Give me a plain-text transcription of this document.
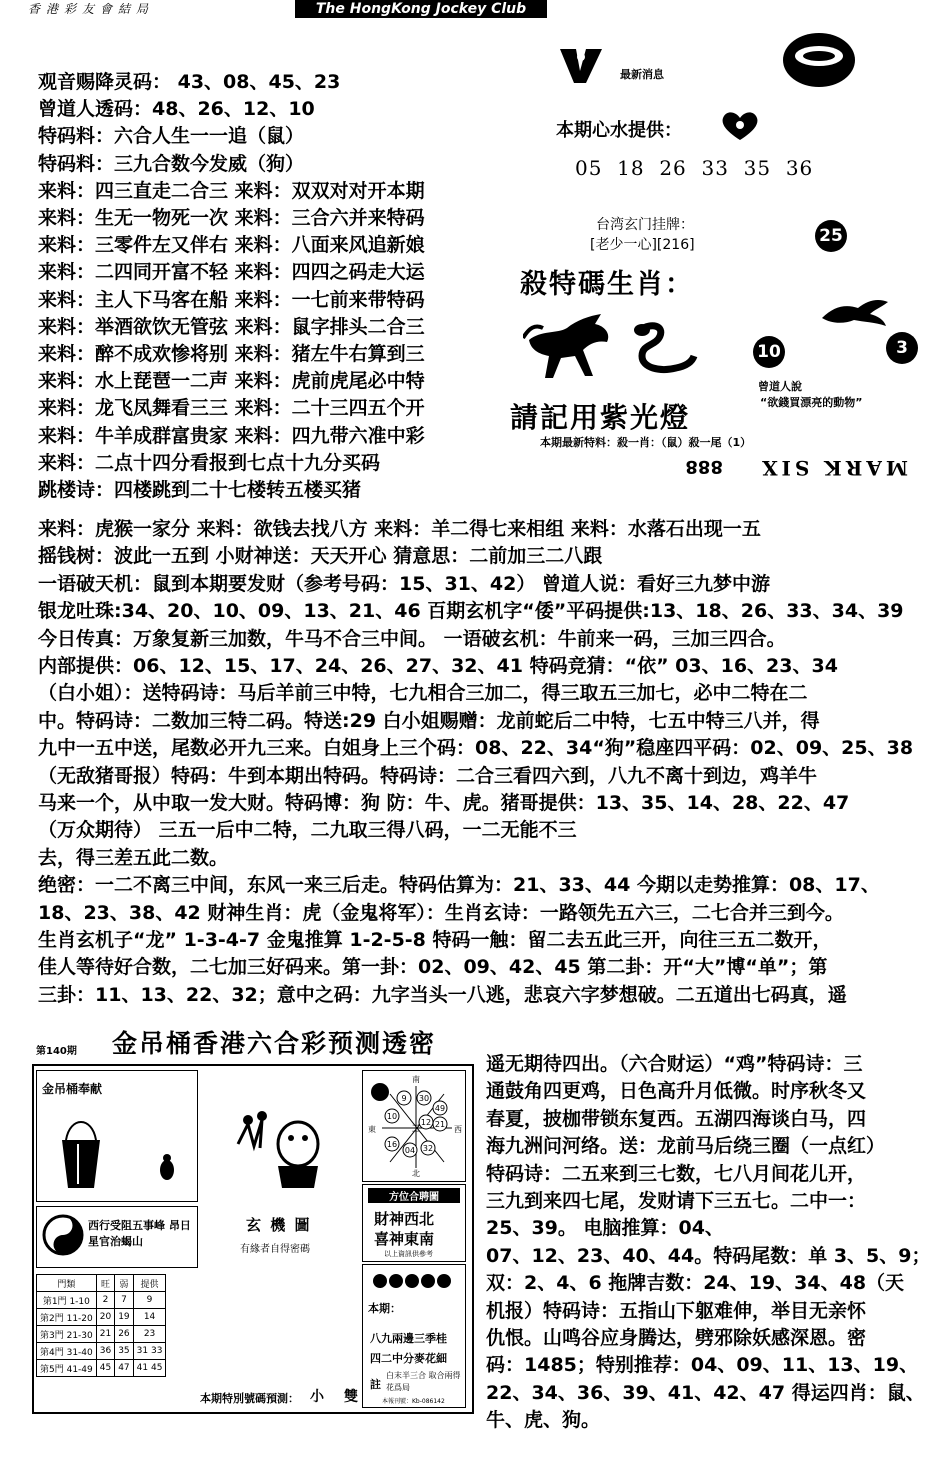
香港彩友會結局	The HongKong Jockey Club
观音赐降灵码： 43、08、45、23
曾道人透码：48、26、12、10
特码料：六合人生一一追（鼠）
特码料：三九合数今发威（狗）
来料：四三直走二合三 来料：双双对对开本期
来料：生无一物死一次 来料：三合六并来特码
来料：三零件左又伴右 来料：八面来风追新娘
来料：二四同开富不轻 来料：四四之码走大运
来料：主人下马客在船 来料：一七前来带特码
来料：举酒欲饮无管弦 来料：鼠字排头二合三
来料：醉不成欢惨将别 来料：猪左牛右算到三
来料：水上琵琶一二声 来料：虎前虎尾必中特
来料：龙飞凤舞看三三 来料：二十三四五个开
来料：牛羊成群富贵家 来料：四九带六准中彩
来料：二点十四分看报到七点十九分买码
跳楼诗：四楼跳到二十七楼转五楼买猪
最新消息
本期心水提供：
05  18  26  33  35  36
台湾玄门挂牌：
[老少一心][216]	25
殺特碼生肖：
10	3
曾道人說
“欲錢買漂亮的動物”
請記用紫光燈
本期最新特料：殺一肖：（鼠）殺一尾（1）
MARK SIX 888
来料：虎猴一家分 来料：欲钱去找八方 来料：羊二得七来相组 来料：水落石出现一五
摇钱树：波此一五到 小财神送：天天开心 猜意思：二前加三二八跟
一语破天机：鼠到本期要发财（参考号码：15、31、42） 曾道人说：看好三九梦中游
银龙吐珠:34、20、10、09、13、21、46 百期玄机字“倭”平码提供:13、18、26、33、34、39
今日传真：万象复新三加数，牛马不合三中间。 一语破玄机：牛前来一码，三加三四合。
内部提供：06、12、15、17、24、26、27、32、41 特码竞猜：“依” 03、16、23、34
（白小姐）：送特码诗：马后羊前三中特，七九相合三加二，得三取五三加七，必中二特在二
中。特码诗：二数加三特二码。特送:29 白小姐赐赠：龙前蛇后二中特，七五中特三八并，得
九中一五中送，尾数必开九三来。白姐身上三个码：08、22、34“狗”稳座四平码：02、09、25、38
（无敌猪哥报）特码：牛到本期出特码。特码诗：二合三看四六到，八九不离十到边，鸡羊牛
马来一个，从中取一发大财。特码博：狗 防：牛、虎。猪哥提供：13、35、14、28、22、47
（万众期待） 三五一后中二特，二九取三得八码，一二无能不三
去，得三差五此二数。
绝密：一二不离三中间，东风一来三后走。特码估算为：21、33、44 今期以走势推算：08、17、
18、23、38、42 财神生肖：虎（金鬼将军）：生肖玄诗：一路领先五六三，二七合并三到今。
生肖玄机子“龙” 1-3-4-7 金鬼推算 1-2-5-8 特码一触：留二去五此三开，向往三五二数开，
佳人等待好合数，二七加三好码来。第一卦：02、09、42、45 第二卦：开“大”博“单”；第
三卦：11、13、22、32；意中之码：九字当头一八逃，悲哀六字梦想破。二五道出七码真，遥
第140期 金吊桶香港六合彩预测透密
金吊桶奉献
西行受阻五事峰 昂日星官治蝎山
門類	旺	弱	提供
第1門 1-10	2	7	9
第2門 11-20	20	19	14
第3門 21-30	21	26	23
第4門 31-40	36	35	31 33
第5門 41-49	45	47	41 45
玄 機 圖
有緣者自得密碼
本期特別號碼預測： 小 雙
9 30
49
10
12 21
16
04 32
三
南
北
東	西
方位合聘圖
財神西北
喜神東南
以上資訊供參考
本期：
八九兩邊三季桂
四二中分麥花細
註
白末半三合 取合兩得花爲局
本報刊號：Kb-086142
遥无期待四出。（六合财运）“鸡”特码诗：三
通鼓角四更鸡，日色高升月低微。时序秋冬又
春夏，披枷带锁东复西。五湖四海谈白马，四
海九洲问河络。送：龙前马后绕三圈（一点红）
特码诗：二五来到三七数，七八月间花儿开，
三九到来四七尾，发财请下三五七。二中一：
25、39。 电脑推算：04、
07、12、23、40、44。特码尾数：单 3、5、9；
双：2、4、6 拖牌吉数：24、19、34、48（天
机报）特码诗：五指山下躯难伸，举目无亲怀
仇恨。山鸣谷应身腾达，劈邪除妖感深恩。密
码：1485；特别推荐：04、09、11、13、19、
22、34、36、39、41、42、47 得运四肖：鼠、
牛、虎、狗。
